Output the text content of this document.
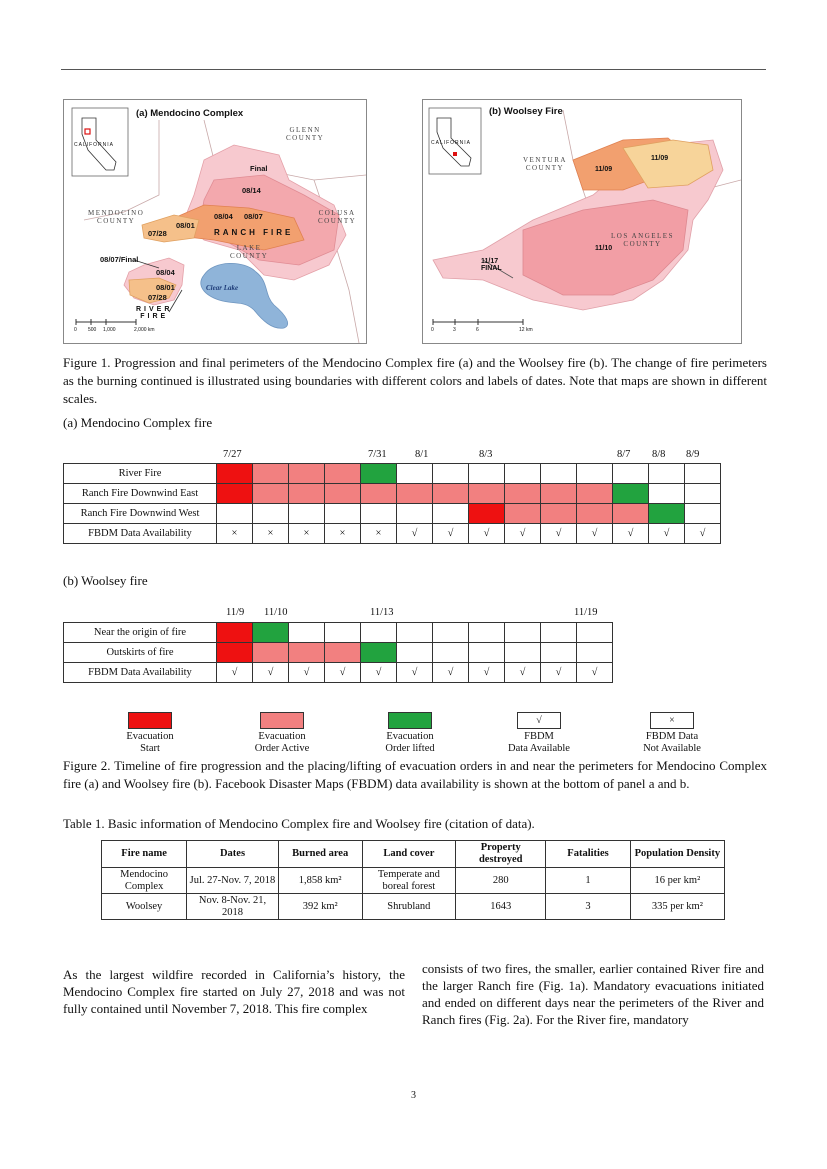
(a) Mendocino Complex
CALIFORNIA
GLENN
COUNTY
MENDOCINO
COUNTY
COLUSA
COUNTY
LAKE
COUNTY
RANCH FIRE
RIVER
FIRE
Clear Lake
Final
08/14
08/04 08/07
08/01
07/28
08/07/Final
08/04
08/01
07/28
0 500 1,000	2,000 km
(b) Woolsey Fire
CALIFORNIA
VENTURA
COUNTY
LOS ANGELES
COUNTY
11/09
11/09
11/10
11/17
FINAL
0	3	6	12 km
Figure 1. Progression and final perimeters of the Mendocino Complex fire (a) and the Woolsey fire (b). The change of fire perimeters as the burning continued is illustrated using boundaries with different colors and labels of dates. Note that maps are shown in different scales.
(a) Mendocino Complex fire
7/27	7/31	8/1	8/3	8/7 8/8 8/9
River Fire														
Ranch Fire Downwind East														
Ranch Fire Downwind West														
FBDM Data Availability	×	×	×	×	×	√	√	√	√	√	√	√	√	√
(b) Woolsey fire
11/9 11/10	11/13	11/19
Near the origin of fire											
Outskirts of fire											
FBDM Data Availability	√	√	√	√	√	√	√	√	√	√	√
Evacuation
Start
Evacuation
Order Active
Evacuation
Order lifted
√
FBDM
Data Available
×
FBDM Data
Not Available
Figure 2. Timeline of fire progression and the placing/lifting of evacuation orders in and near the perimeters for Mendocino Complex fire (a) and Woolsey fire (b). Facebook Disaster Maps (FBDM) data availability is shown at the bottom of panel a and b.
Table 1. Basic information of Mendocino Complex fire and Woolsey fire (citation of data).
Fire name	Dates	Burned area	Land cover	Property destroyed	Fatalities	Population Density
Mendocino Complex	Jul. 27-Nov. 7, 2018	1,858 km²	Temperate and boreal forest	280	1	16 per km²
Woolsey	Nov. 8-Nov. 21, 2018	392 km²	Shrubland	1643	3	335 per km²
As the largest wildfire recorded in California’s history, the Mendocino Complex fire started on July 27, 2018 and was not fully contained until November 7, 2018. This fire complex
consists of two fires, the smaller, earlier contained River fire and the larger Ranch fire (Fig. 1a). Mandatory evacuations initiated and ended on different days near the perimeters of the River and Ranch fires (Fig. 2a). For the River fire, mandatory
3
